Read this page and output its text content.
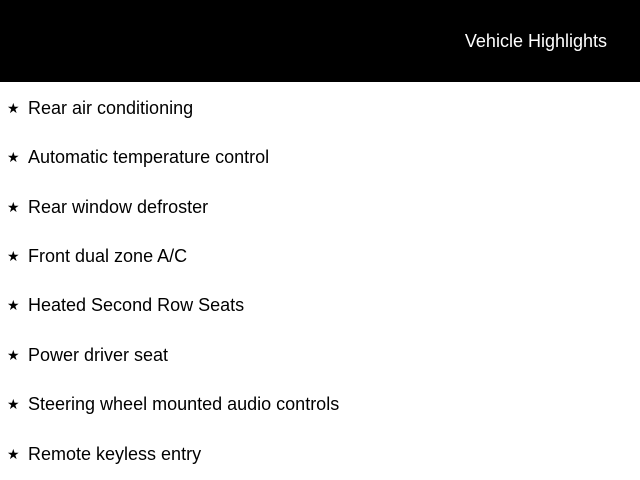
Vehicle Highlights
★ Rear air conditioning
★ Automatic temperature control
★ Rear window defroster
★ Front dual zone A/C
★ Heated Second Row Seats
★ Power driver seat
★ Steering wheel mounted audio controls
★ Remote keyless entry
